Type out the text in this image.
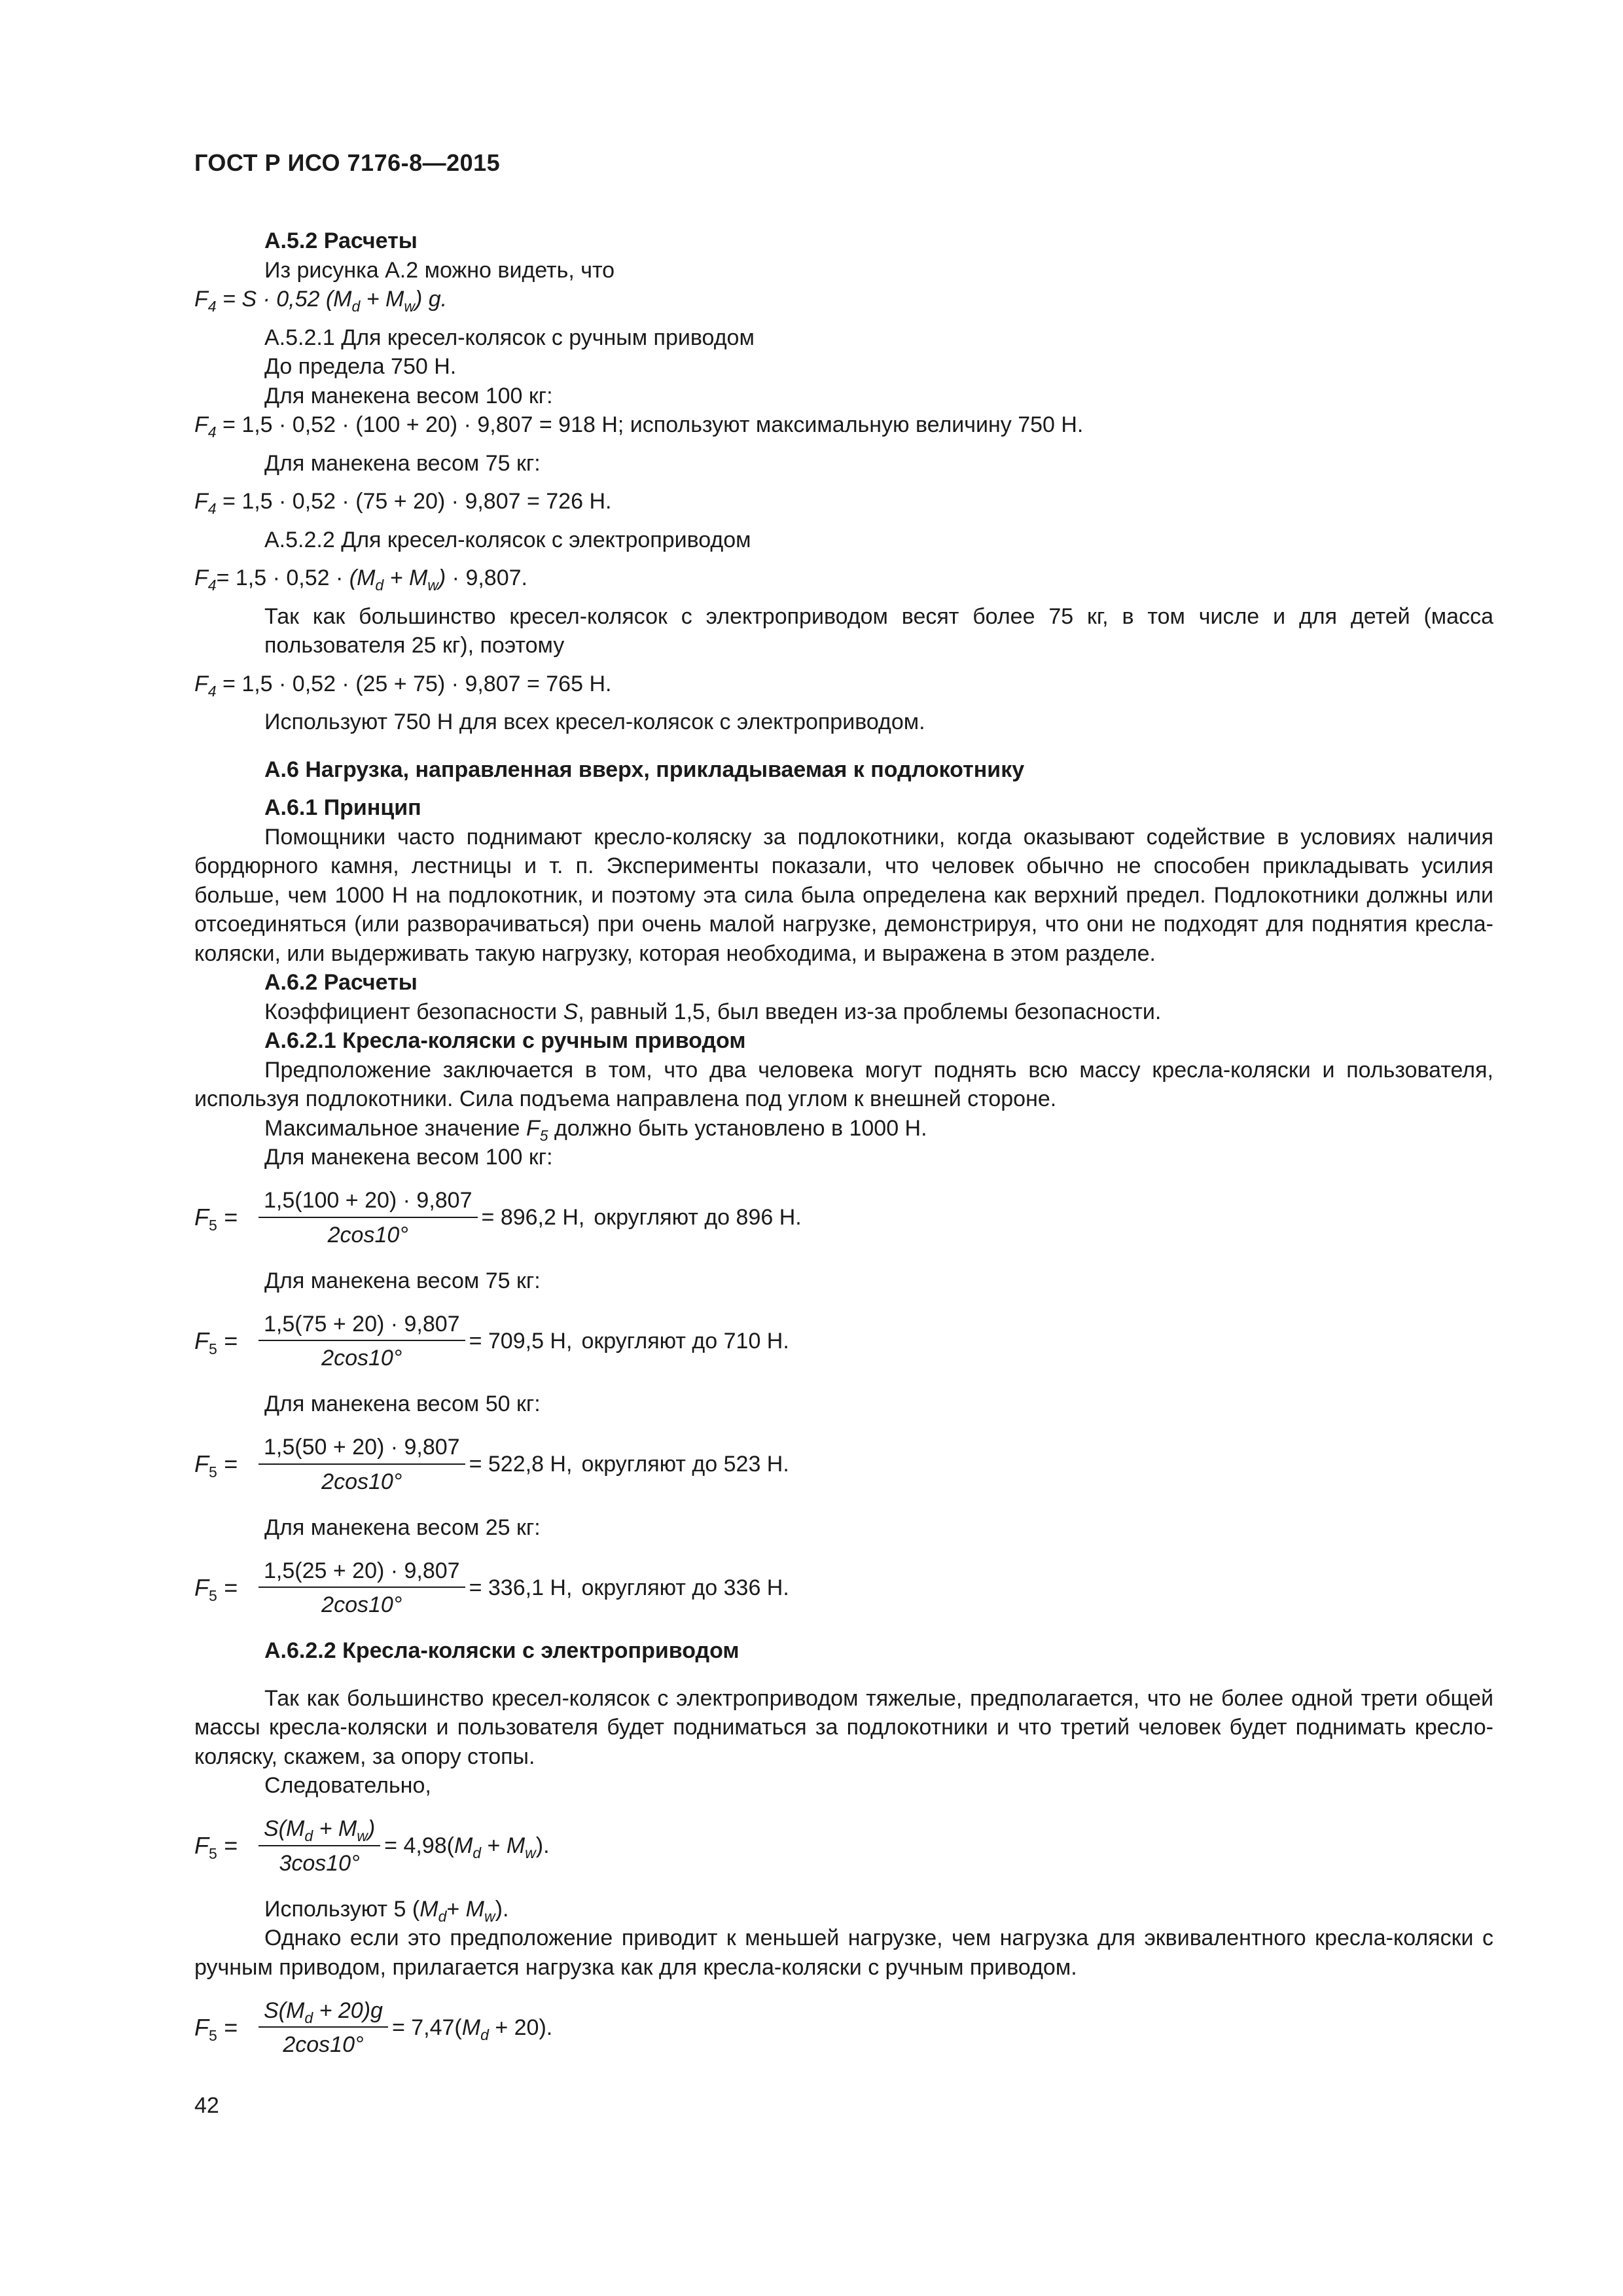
ГОСТ Р ИСО 7176-8—2015
А.5.2 Расчеты
Из рисунка А.2 можно видеть, что
$F_4 = S \cdot 0,52$ $(M_d + M_w)$ g.
А.5.2.1 Для кресел-колясок с ручным приводом
До предела 750 Н.
Для манекена весом 100 кг:
$F_4 = 1,5 \cdot 0,52 \cdot (100 + 20) \cdot 9,807 = 918$ Н; используют максимальную величину 750 Н.
Для манекена весом 75 кг:
$F_4 = 1,5 \cdot 0,52 \cdot (75 + 20) \cdot 9,807 = 726$ Н.
А.5.2.2 Для кресел-колясок с электроприводом
$F_4= 1,5 \cdot 0,52 \cdot (M_d + M_w) \cdot 9,807$.
Так как большинство кресел-колясок с электроприводом весят более 75 кг, в том числе и для детей (масса пользователя 25 кг), поэтому
$F_4 = 1,5 \cdot 0,52 \cdot (25 + 75) \cdot 9,807 = 765$ Н.
Используют 750 Н для всех кресел-колясок с электроприводом.
А.6 Нагрузка, направленная вверх, прикладываемая к подлокотнику
А.6.1 Принцип
Помощники часто поднимают кресло-коляску за подлокотники, когда оказывают содействие в условиях наличия бордюрного камня, лестницы и т. п. Эксперименты показали, что человек обычно не способен прикладывать усилия больше, чем 1000 Н на подлокотник, и поэтому эта сила была определена как верхний предел. Подлокотники должны или отсоединяться (или разворачиваться) при очень малой нагрузке, демонстрируя, что они не подходят для поднятия кресла-коляски, или выдерживать такую нагрузку, которая необходима, и выражена в этом разделе.
А.6.2 Расчеты
Коэффициент безопасности S, равный 1,5, был введен из-за проблемы безопасности.
А.6.2.1 Кресла-коляски с ручным приводом
Предположение заключается в том, что два человека могут поднять всю массу кресла-коляски и пользователя, используя подлокотники. Сила подъема направлена под углом к внешней стороне.
Максимальное значение $F_5$ должно быть установлено в 1000 Н.
Для манекена весом 100 кг:
$F_5 = \frac{1,5(100 + 20) \cdot 9,807}{2\cos 10^\circ} = 896,2$ H, округляют до 896 Н.
Для манекена весом 75 кг:
$F_5 = \frac{1,5(75 + 20) \cdot 9,807}{2\cos 10^\circ} = 709,5$ H, округляют до 710 Н.
Для манекена весом 50 кг:
$F_5 = \frac{1,5(50 + 20) \cdot 9,807}{2\cos 10^\circ} = 522,8$ H, округляют до 523 Н.
Для манекена весом 25 кг:
$F_5 = \frac{1,5(25 + 20) \cdot 9,807}{2\cos 10^\circ} = 336,1$ H, округляют до 336 Н.
А.6.2.2 Кресла-коляски с электроприводом
Так как большинство кресел-колясок с электроприводом тяжелые, предполагается, что не более одной трети общей массы кресла-коляски и пользователя будет подниматься за подлокотники и что третий человек будет поднимать кресло-коляску, скажем, за опору стопы.
Следовательно,
$F_5 = \frac{S(M_d + M_w)}{3\cos 10^\circ} = 4,98(M_d + M_w)$.
Используют 5 $(M_d+ M_w)$.
Однако если это предположение приводит к меньшей нагрузке, чем нагрузка для эквивалентного кресла-коляски с ручным приводом, прилагается нагрузка как для кресла-коляски с ручным приводом.
$F_5 = \frac{S(M_d + 20)g}{2\cos 10^\circ} = 7,47(M_d + 20)$.
42
